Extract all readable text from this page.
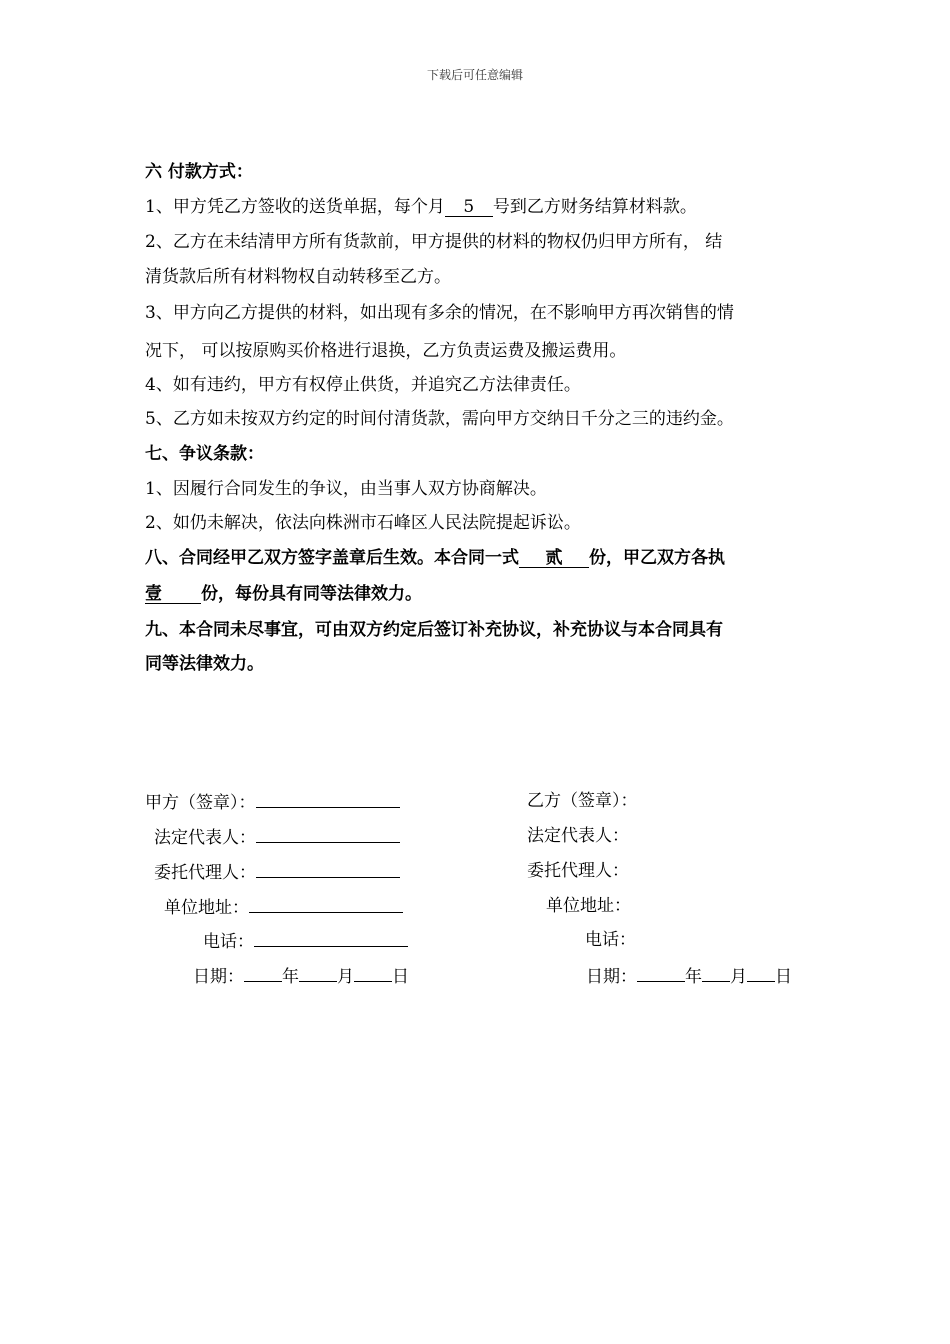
下载后可任意编辑
六 付款方式：
1、甲方凭乙方签收的送货单据，每个月 5 号到乙方财务结算材料款。
2、乙方在未结清甲方所有货款前，甲方提供的材料的物权仍归甲方所有， 结
清货款后所有材料物权自动转移至乙方。
3、甲方向乙方提供的材料，如出现有多余的情况，在不影响甲方再次销售的情
况下， 可以按原购买价格进行退换，乙方负责运费及搬运费用。
4、如有违约，甲方有权停止供货，并追究乙方法律责任。
5、乙方如未按双方约定的时间付清货款，需向甲方交纳日千分之三的违约金。
七、争议条款：
1、因履行合同发生的争议，由当事人双方协商解决。
2、如仍未解决，依法向株洲市石峰区人民法院提起诉讼。
八、合同经甲乙双方签字盖章后生效。本合同一式 贰 份，甲乙双方各执
壹 份，每份具有同等法律效力。
九、本合同未尽事宜，可由双方约定后签订补充协议，补充协议与本合同具有
同等法律效力。
甲方（签章）：
法定代表人：
委托代理人：
单位地址：
电话：
日期： 年 月 日
乙方（签章）：
法定代表人：
委托代理人：
单位地址：
电话：
日期：	年 月 日
